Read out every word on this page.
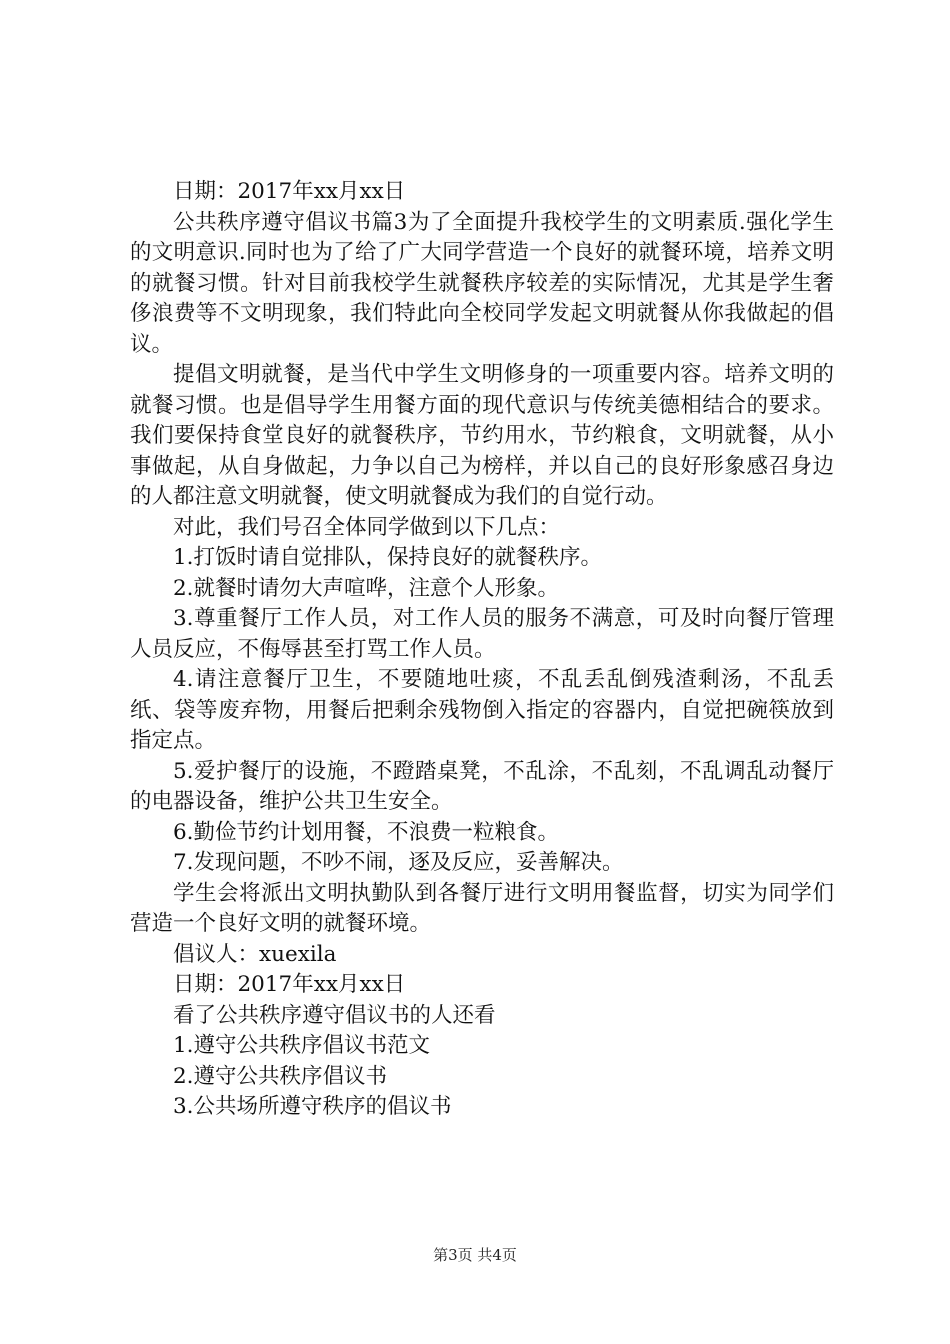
日期：2017年xx月xx日

公共秩序遵守倡议书篇3为了全面提升我校学生的文明素质.强化学生的文明意识.同时也为了给了广大同学营造一个良好的就餐环境，培养文明的就餐习惯。针对目前我校学生就餐秩序较差的实际情况，尤其是学生奢侈浪费等不文明现象，我们特此向全校同学发起文明就餐从你我做起的倡议。

提倡文明就餐，是当代中学生文明修身的一项重要内容。培养文明的就餐习惯。也是倡导学生用餐方面的现代意识与传统美德相结合的要求。我们要保持食堂良好的就餐秩序，节约用水，节约粮食，文明就餐，从小事做起，从自身做起，力争以自己为榜样，并以自己的良好形象感召身边的人都注意文明就餐，使文明就餐成为我们的自觉行动。

对此，我们号召全体同学做到以下几点：

1.打饭时请自觉排队，保持良好的就餐秩序。

2.就餐时请勿大声喧哗，注意个人形象。

3.尊重餐厅工作人员，对工作人员的服务不满意，可及时向餐厅管理人员反应，不侮辱甚至打骂工作人员。

4.请注意餐厅卫生，不要随地吐痰，不乱丢乱倒残渣剩汤，不乱丢纸、袋等废弃物，用餐后把剩余残物倒入指定的容器内，自觉把碗筷放到指定点。

5.爱护餐厅的设施，不蹬踏桌凳，不乱涂，不乱刻，不乱调乱动餐厅的电器设备，维护公共卫生安全。

6.勤俭节约计划用餐，不浪费一粒粮食。

7.发现问题，不吵不闹，逐及反应，妥善解决。

学生会将派出文明执勤队到各餐厅进行文明用餐监督，切实为同学们营造一个良好文明的就餐环境。

倡议人：xuexila

日期：2017年xx月xx日

看了公共秩序遵守倡议书的人还看

1.遵守公共秩序倡议书范文

2.遵守公共秩序倡议书

3.公共场所遵守秩序的倡议书

第3页 共4页
